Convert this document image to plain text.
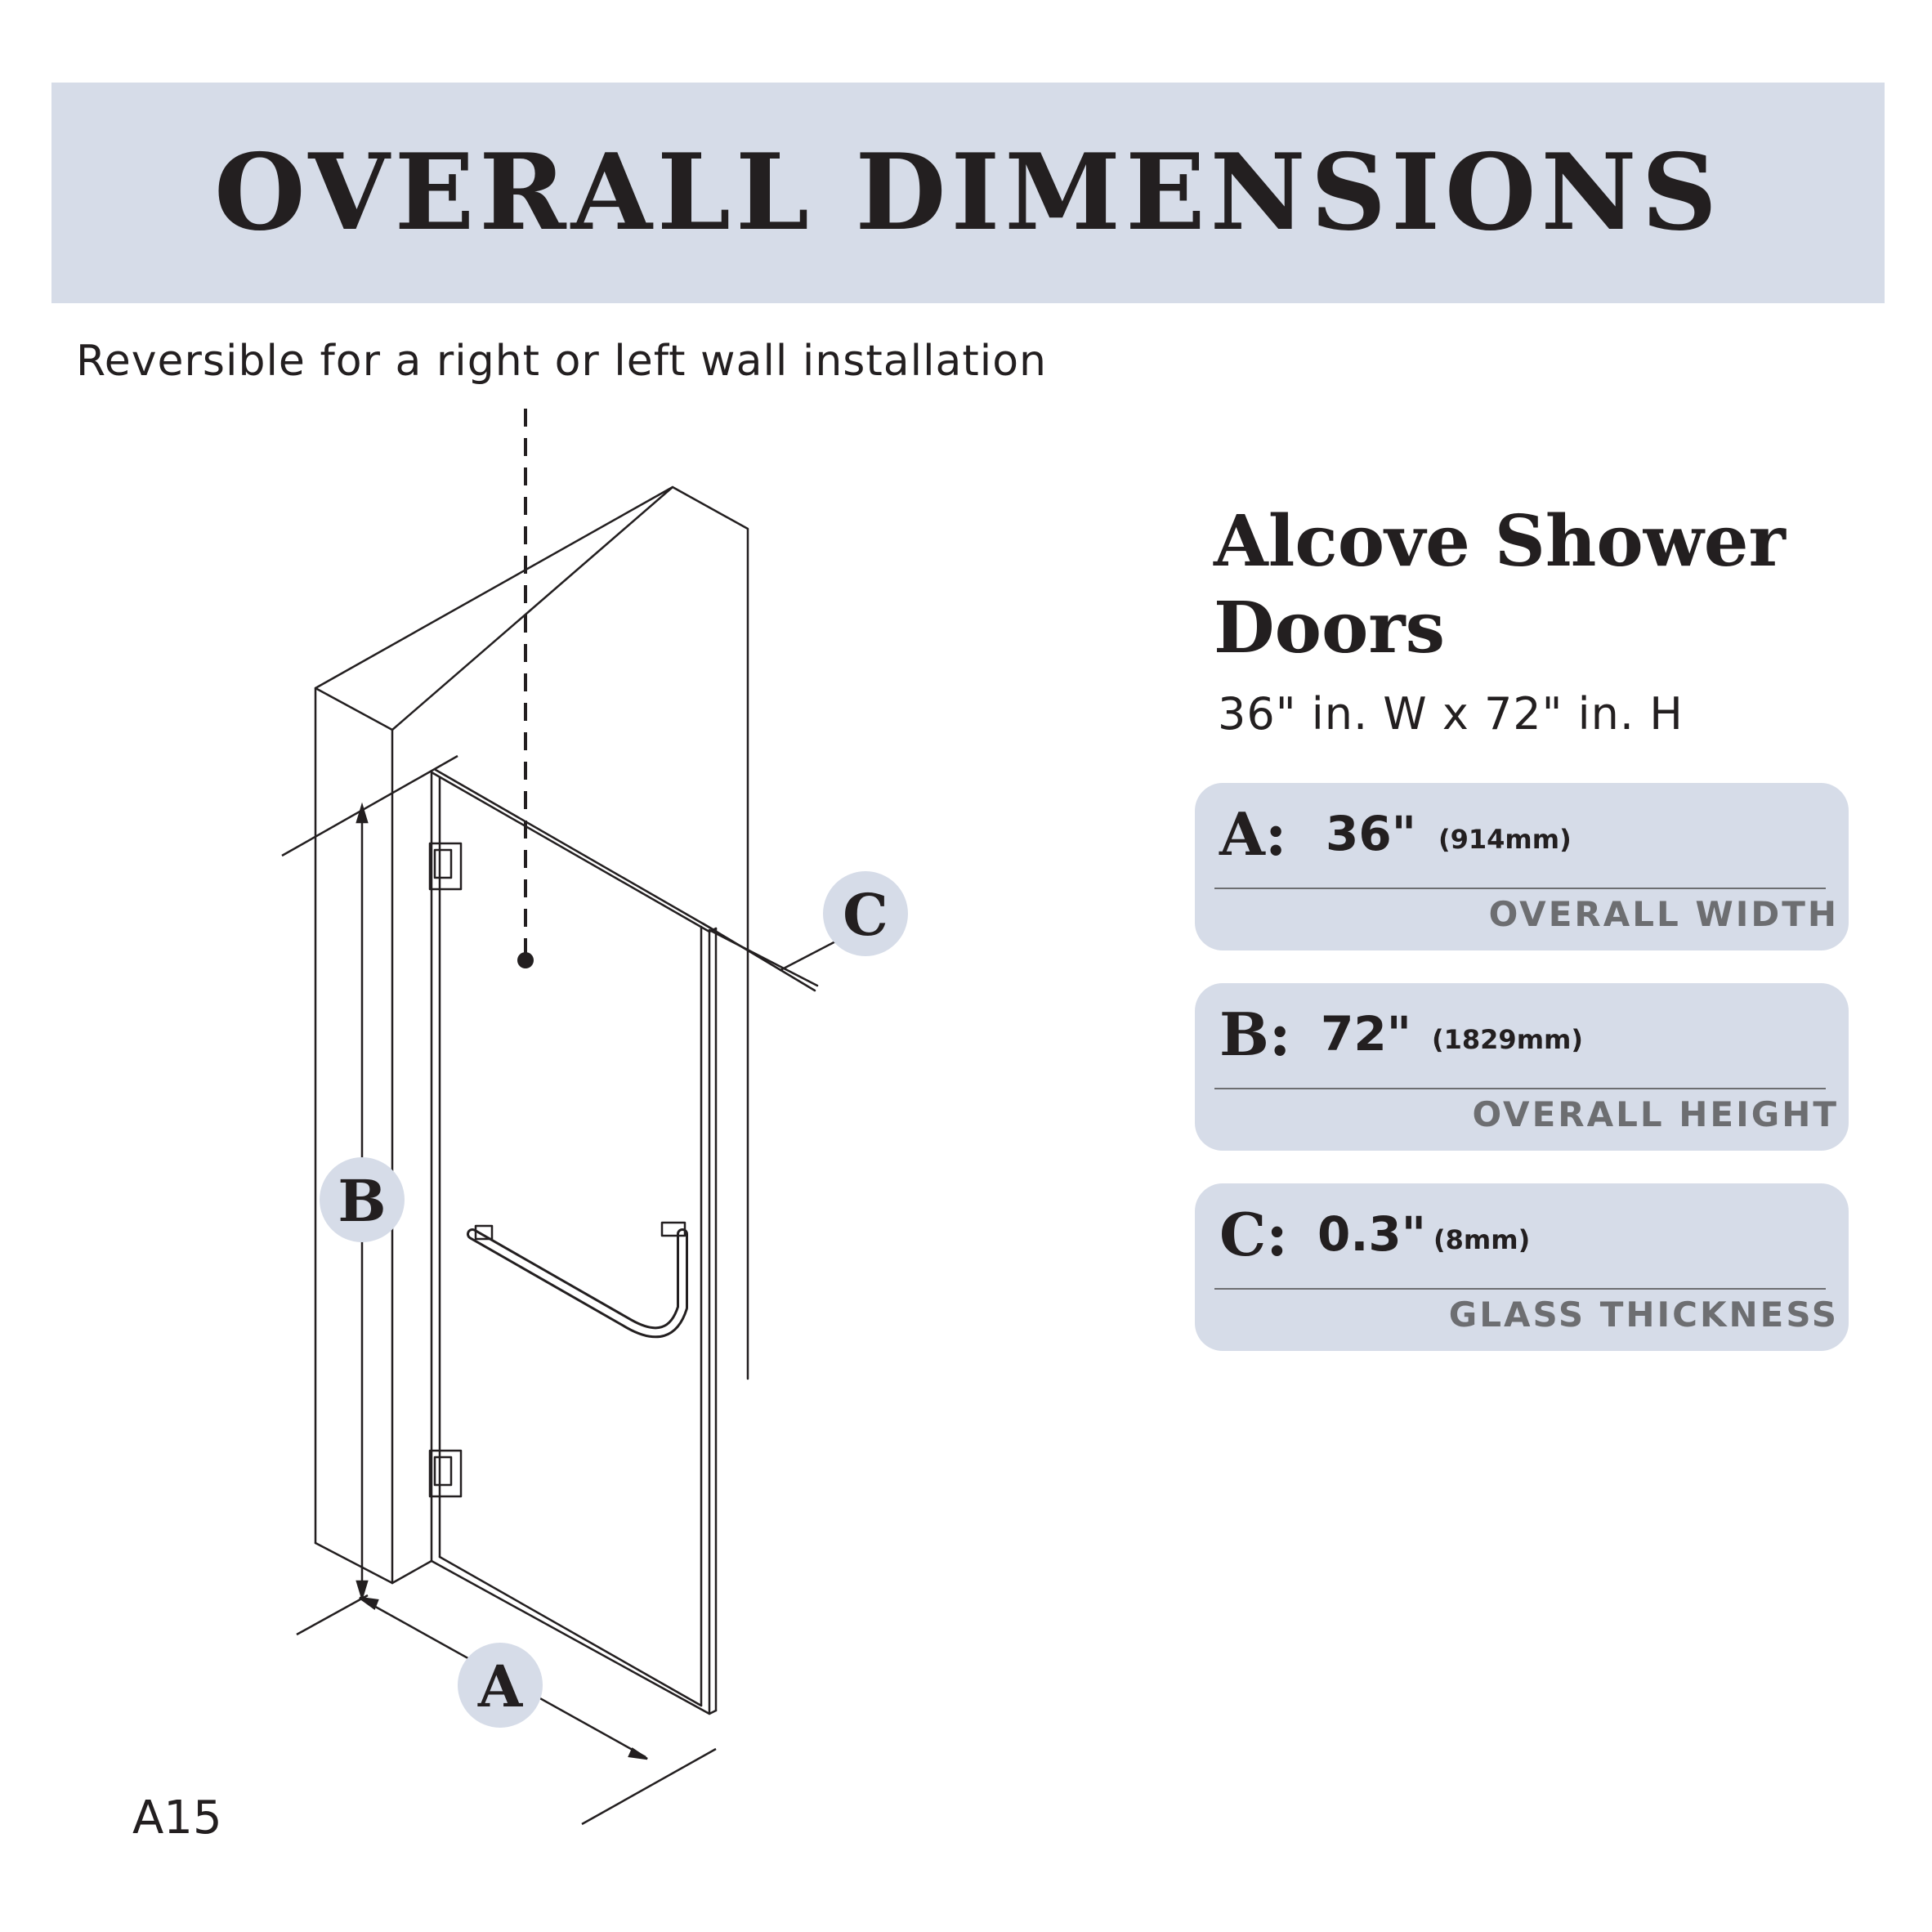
OVERALL DIMENSIONS
Reversible for a right or left wall installation
B
A
C
Alcove Shower Doors
36" in. W x 72" in. H
A: 36" (914mm)
OVERALL WIDTH
B: 72" (1829mm)
OVERALL HEIGHT
C: 0.3" (8mm)
GLASS THICKNESS
A15
